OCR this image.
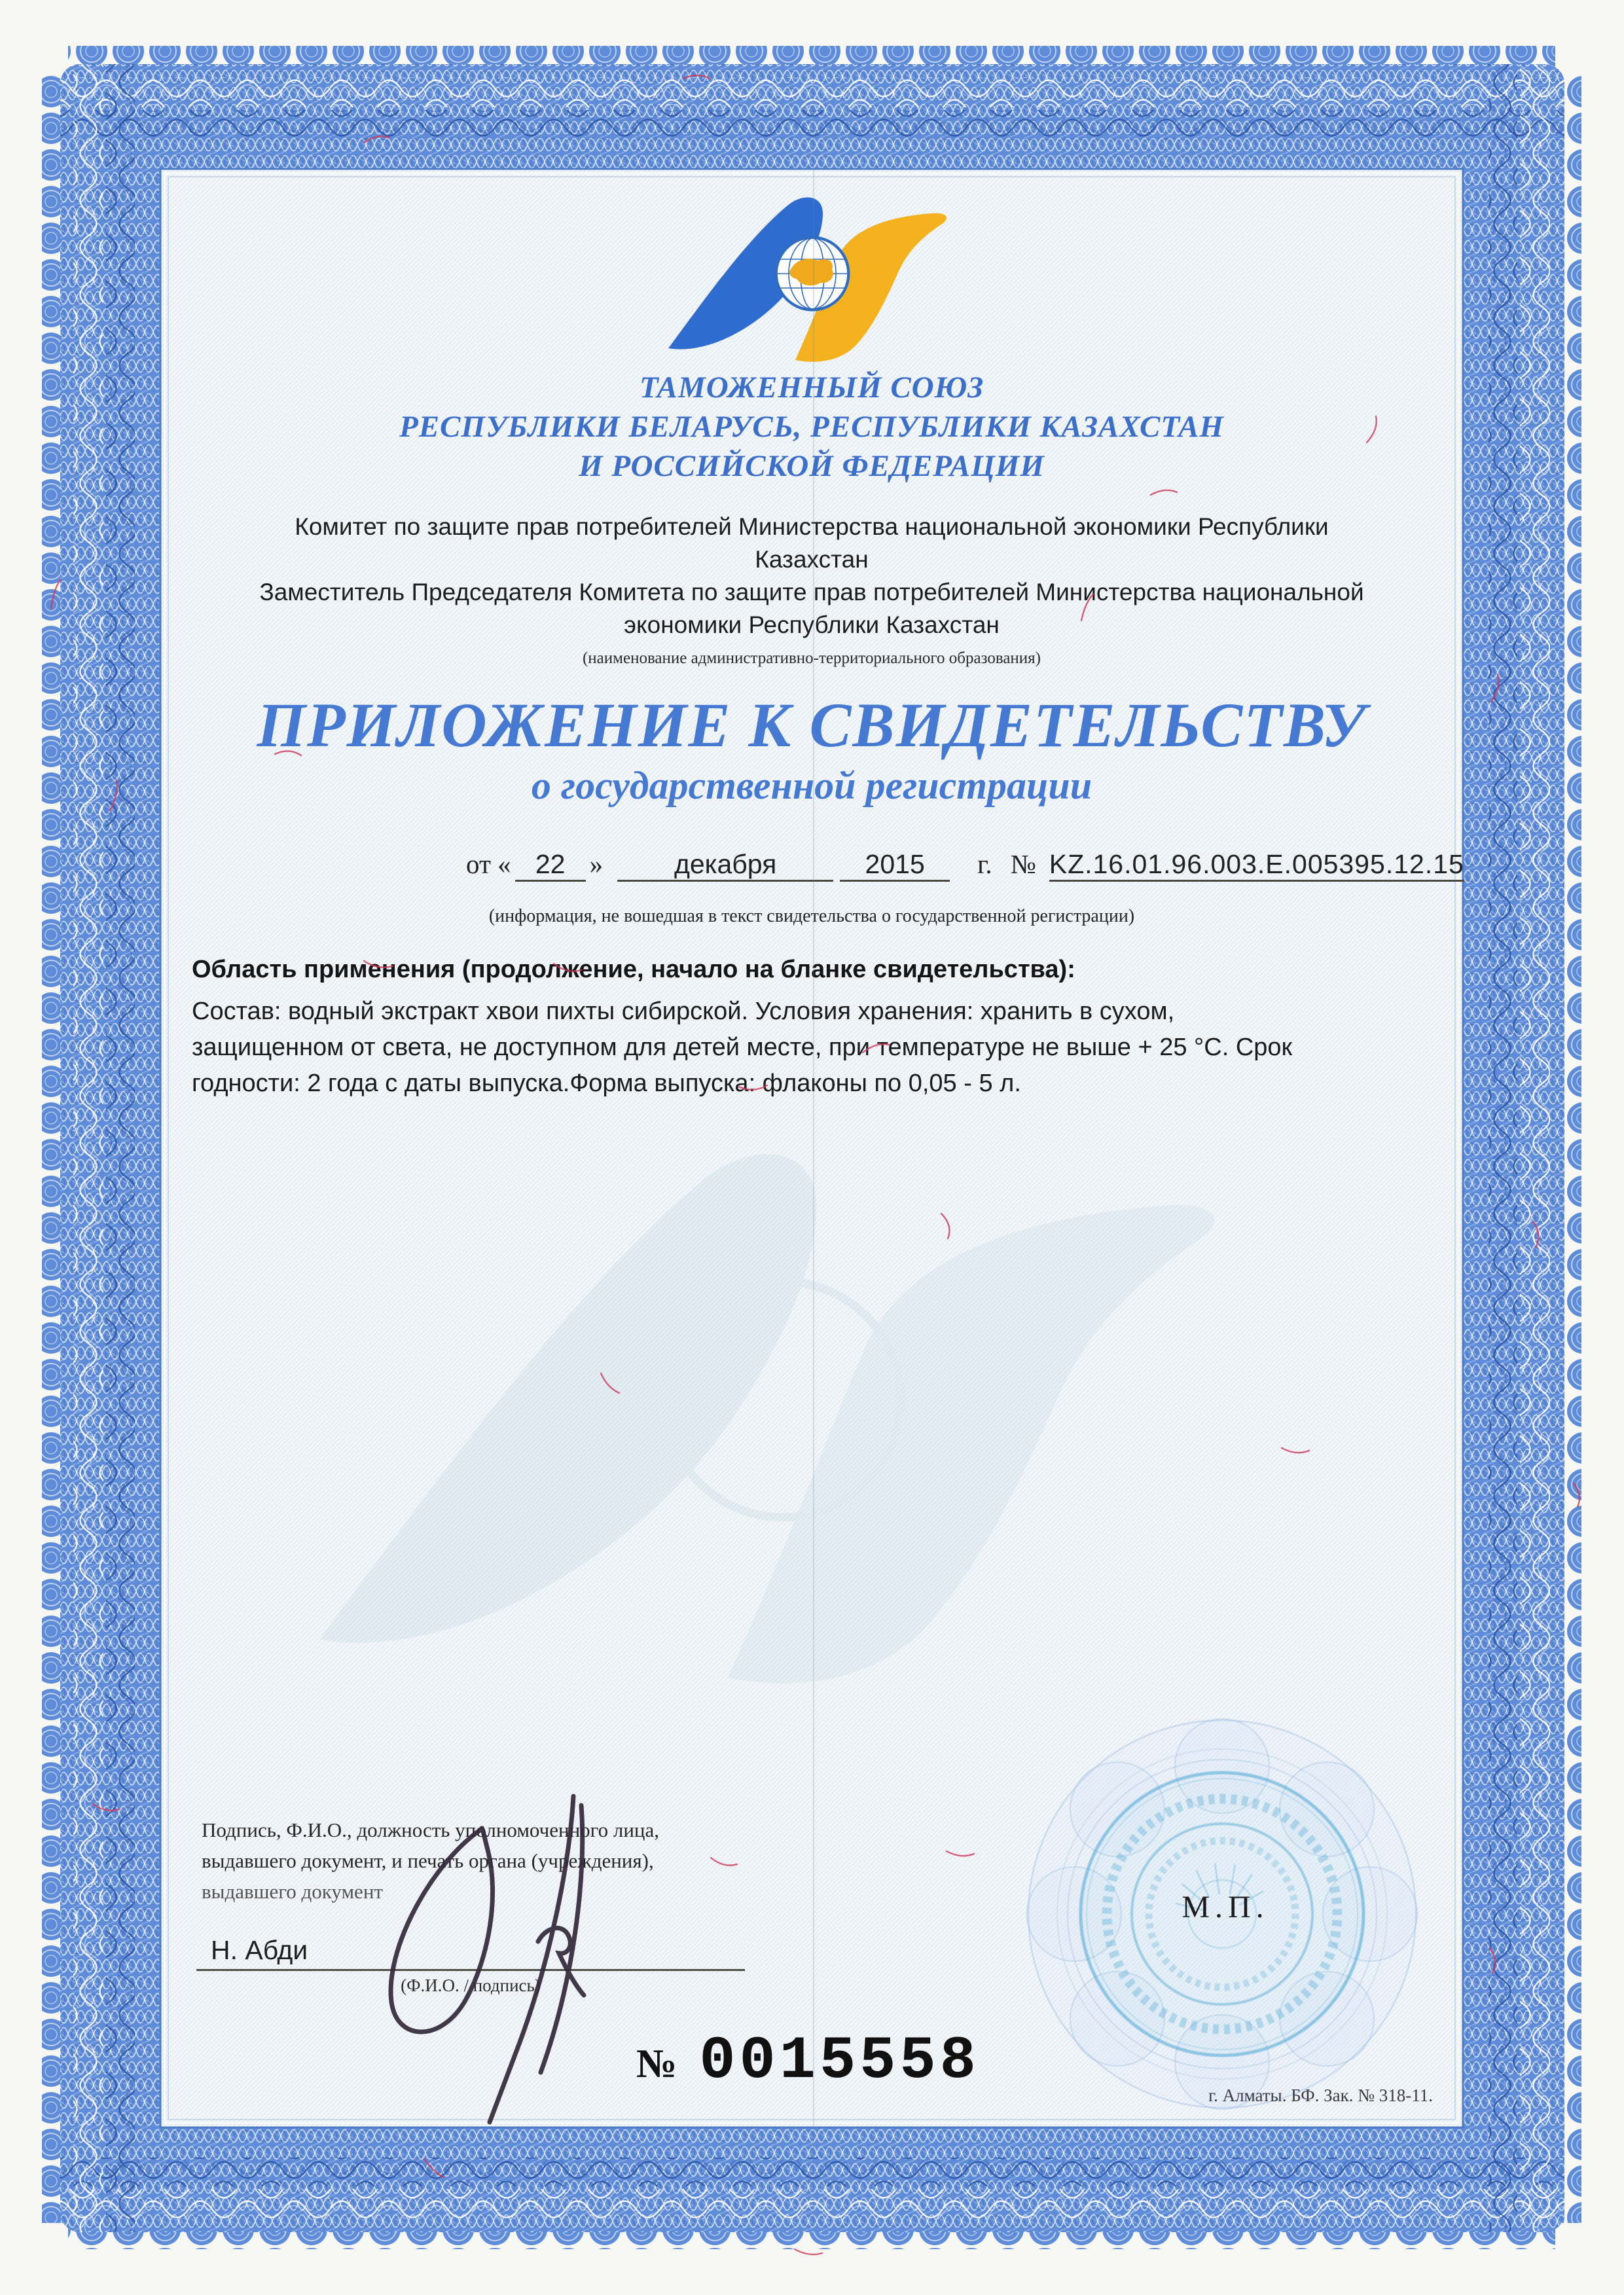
ТАМОЖЕННЫЙ СОЮЗ
РЕСПУБЛИКИ БЕЛАРУСЬ, РЕСПУБЛИКИ КАЗАХСТАН
И РОССИЙСКОЙ ФЕДЕРАЦИИ
Комитет по защите прав потребителей Министерства национальной экономики Республики
Казахстан
Заместитель Председателя Комитета по защите прав потребителей Министерства национальной
экономики Республики Казахстан
(наименование административно-территориального образования)
ПРИЛОЖЕНИЕ К СВИДЕТЕЛЬСТВУ
о государственной регистрации
от « 22 »	декабря	2015	г. № KZ.16.01.96.003.E.005395.12.15
(информация, не вошедшая в текст свидетельства о государственной регистрации)
Область применения (продолжение, начало на бланке свидетельства):
Состав: водный экстракт хвои пихты сибирской. Условия хранения: хранить в сухом,
защищенном от света, не доступном для детей месте, при температуре не выше + 25 °C. Срок
годности: 2 года с даты выпуска.Форма выпуска: флаконы по 0,05 - 5 л.
Подпись, Ф.И.О., должность уполномоченного лица,
выдавшего документ, и печать органа (учреждения),
выдавшего документ
Н. Абди
(Ф.И.О. / подпись)
М.П.
№ 0015558	г. Алматы. БФ. Зак. № 318-11.
